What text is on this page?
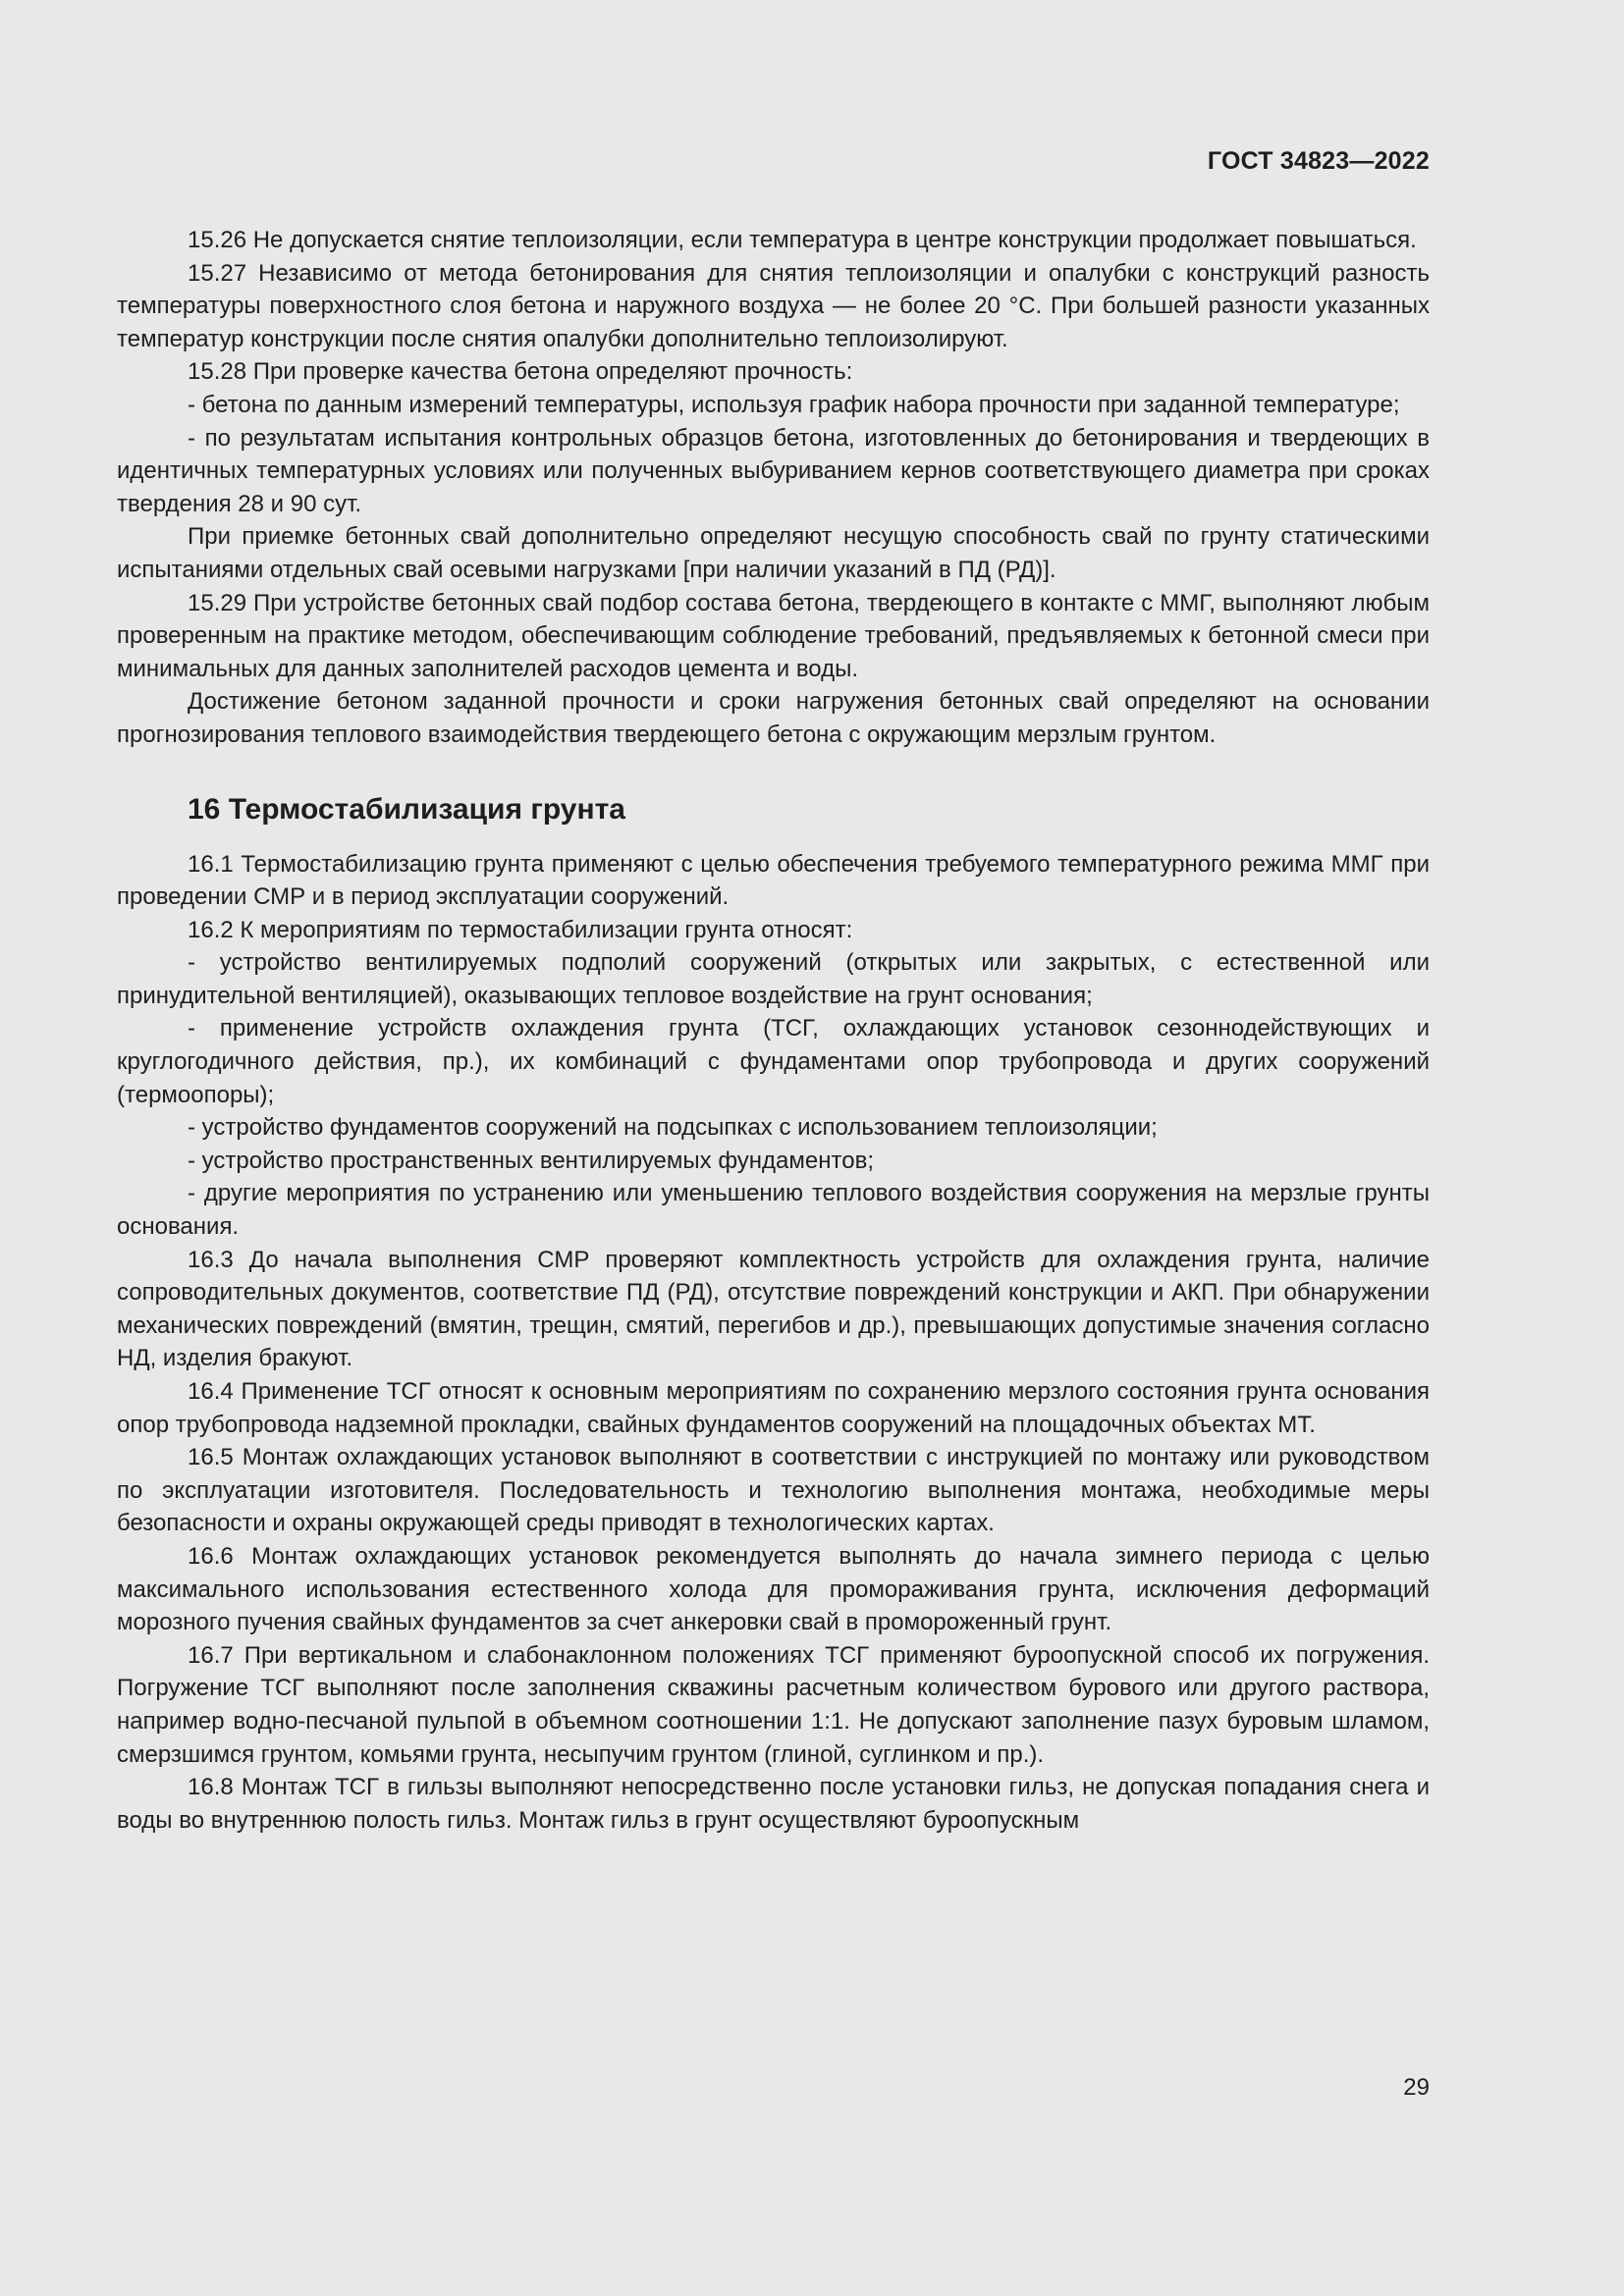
ГОСТ 34823—2022

15.26 Не допускается снятие теплоизоляции, если температура в центре конструкции продолжает повышаться.

15.27 Независимо от метода бетонирования для снятия теплоизоляции и опалубки с конструкций разность температуры поверхностного слоя бетона и наружного воздуха — не более 20 °C. При большей разности указанных температур конструкции после снятия опалубки дополнительно теплоизолируют.

15.28 При проверке качества бетона определяют прочность:

- бетона по данным измерений температуры, используя график набора прочности при заданной температуре;

- по результатам испытания контрольных образцов бетона, изготовленных до бетонирования и твердеющих в идентичных температурных условиях или полученных выбуриванием кернов соответствующего диаметра при сроках твердения 28 и 90 сут.

При приемке бетонных свай дополнительно определяют несущую способность свай по грунту статическими испытаниями отдельных свай осевыми нагрузками [при наличии указаний в ПД (РД)].

15.29 При устройстве бетонных свай подбор состава бетона, твердеющего в контакте с ММГ, выполняют любым проверенным на практике методом, обеспечивающим соблюдение требований, предъявляемых к бетонной смеси при минимальных для данных заполнителей расходов цемента и воды.

Достижение бетоном заданной прочности и сроки нагружения бетонных свай определяют на основании прогнозирования теплового взаимодействия твердеющего бетона с окружающим мерзлым грунтом.

16 Термостабилизация грунта

16.1 Термостабилизацию грунта применяют с целью обеспечения требуемого температурного режима ММГ при проведении СМР и в период эксплуатации сооружений.

16.2 К мероприятиям по термостабилизации грунта относят:

- устройство вентилируемых подполий сооружений (открытых или закрытых, с естественной или принудительной вентиляцией), оказывающих тепловое воздействие на грунт основания;

- применение устройств охлаждения грунта (ТСГ, охлаждающих установок сезоннодействующих и круглогодичного действия, пр.), их комбинаций с фундаментами опор трубопровода и других сооружений (термоопоры);

- устройство фундаментов сооружений на подсыпках с использованием теплоизоляции;

- устройство пространственных вентилируемых фундаментов;

- другие мероприятия по устранению или уменьшению теплового воздействия сооружения на мерзлые грунты основания.

16.3 До начала выполнения СМР проверяют комплектность устройств для охлаждения грунта, наличие сопроводительных документов, соответствие ПД (РД), отсутствие повреждений конструкции и АКП. При обнаружении механических повреждений (вмятин, трещин, смятий, перегибов и др.), превышающих допустимые значения согласно НД, изделия бракуют.

16.4 Применение ТСГ относят к основным мероприятиям по сохранению мерзлого состояния грунта основания опор трубопровода надземной прокладки, свайных фундаментов сооружений на площадочных объектах МТ.

16.5 Монтаж охлаждающих установок выполняют в соответствии с инструкцией по монтажу или руководством по эксплуатации изготовителя. Последовательность и технологию выполнения монтажа, необходимые меры безопасности и охраны окружающей среды приводят в технологических картах.

16.6 Монтаж охлаждающих установок рекомендуется выполнять до начала зимнего периода с целью максимального использования естественного холода для промораживания грунта, исключения деформаций морозного пучения свайных фундаментов за счет анкеровки свай в промороженный грунт.

16.7 При вертикальном и слабонаклонном положениях ТСГ применяют буроопускной способ их погружения. Погружение ТСГ выполняют после заполнения скважины расчетным количеством бурового или другого раствора, например водно-песчаной пульпой в объемном соотношении 1:1. Не допускают заполнение пазух буровым шламом, смерзшимся грунтом, комьями грунта, несыпучим грунтом (глиной, суглинком и пр.).

16.8 Монтаж ТСГ в гильзы выполняют непосредственно после установки гильз, не допуская попадания снега и воды во внутреннюю полость гильз. Монтаж гильз в грунт осуществляют буроопускным

29
